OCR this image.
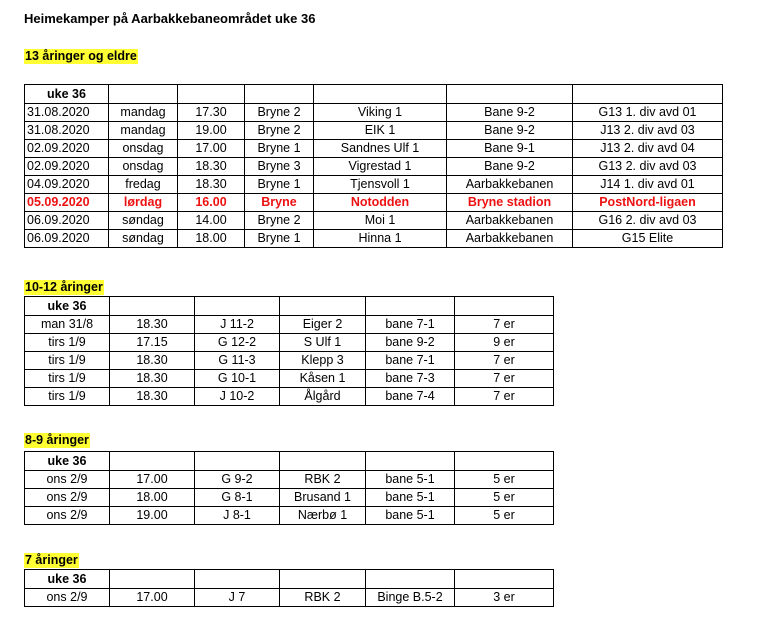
Heimekamper på Aarbakkebaneområdet uke 36
13 åringer og eldre
uke 36						
31.08.2020	mandag	17.30	Bryne 2	Viking 1	Bane 9-2	G13 1. div avd 01
31.08.2020	mandag	19.00	Bryne 2	EIK 1	Bane 9-2	J13 2. div avd 03
02.09.2020	onsdag	17.00	Bryne 1	Sandnes Ulf 1	Bane 9-1	J13 2. div avd 04
02.09.2020	onsdag	18.30	Bryne 3	Vigrestad 1	Bane 9-2	G13 2. div avd 03
04.09.2020	fredag	18.30	Bryne 1	Tjensvoll 1	Aarbakkebanen	J14 1. div avd 01
05.09.2020	lørdag	16.00	Bryne	Notodden	Bryne stadion	PostNord-ligaen
06.09.2020	søndag	14.00	Bryne 2	Moi 1	Aarbakkebanen	G16 2. div avd 03
06.09.2020	søndag	18.00	Bryne 1	Hinna 1	Aarbakkebanen	G15 Elite
10-12 åringer
uke 36					
man 31/8	18.30	J 11-2	Eiger 2	bane 7-1	7 er
tirs 1/9	17.15	G 12-2	S Ulf 1	bane 9-2	9 er
tirs 1/9	18.30	G 11-3	Klepp 3	bane 7-1	7 er
tirs 1/9	18.30	G 10-1	Kåsen 1	bane 7-3	7 er
tirs 1/9	18.30	J 10-2	Ålgård	bane 7-4	7 er
8-9 åringer
uke 36					
ons 2/9	17.00	G 9-2	RBK 2	bane 5-1	5 er
ons 2/9	18.00	G 8-1	Brusand 1	bane 5-1	5 er
ons 2/9	19.00	J 8-1	Nærbø 1	bane 5-1	5 er
7 åringer
uke 36					
ons 2/9	17.00	J 7	RBK 2	Binge B.5-2	3 er
